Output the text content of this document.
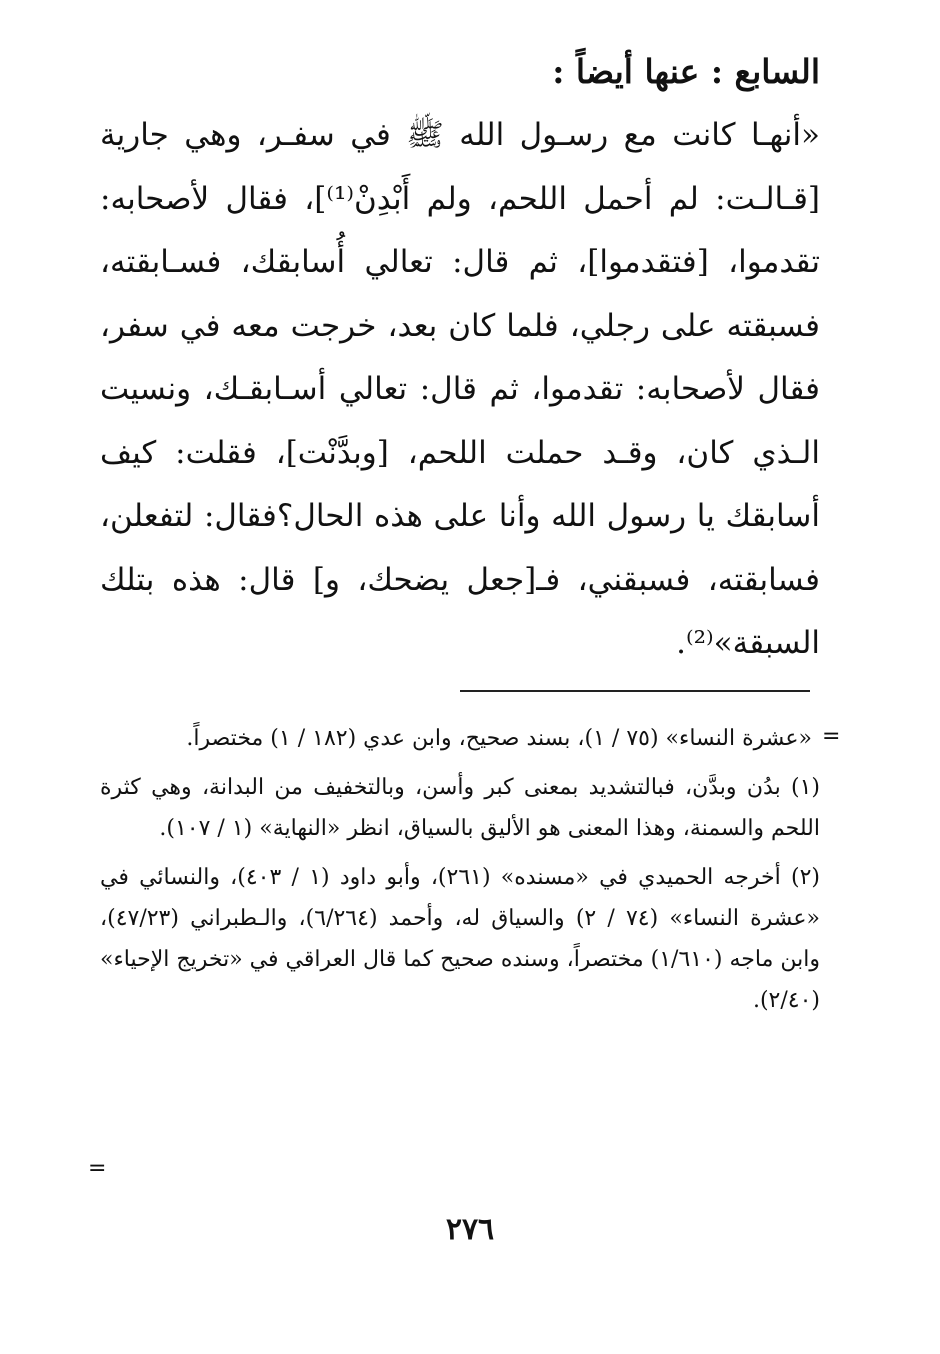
السابع : عنها أيضاً :

«أنهـا كانت مع رسـول الله ﷺ في سفـر، وهي جارية [قـالـت: لم أحمل اللحم، ولم أَبْدِنْ⁽¹⁾]، فقال لأصحابه: تقدموا، [فتقدموا]، ثم قال: تعالي أُسابقك، فسـابقته، فسبقته على رجلي، فلما كان بعد، خرجت معه في سفر، فقال لأصحابه: تقدموا، ثم قال: تعالي أسـابقـك، ونسيت الـذي كان، وقـد حملت اللحم، [وبدَّنْت]، فقلت: كيف أسابقك يا رسول الله وأنا على هذه الحال؟فقال: لتفعلن، فسابقته، فسبقني، فـ[جعل يضحك، و] قال: هذه بتلك السبقة»⁽²⁾.

=

«عشرة النساء» (٧٥ / ١)، بسند صحيح، وابن عدي (١٨٢ / ١) مختصراً.

(١) بدُن وبدَّن، فبالتشديد بمعنى كبر وأسن، وبالتخفيف من البدانة، وهي كثرة اللحم والسمنة، وهذا المعنى هو الأليق بالسياق، انظر «النهاية» (١ / ١٠٧).

(٢) أخرجه الحميدي في «مسنده» (٢٦١)، وأبو داود (١ / ٤٠٣)، والنسائي في «عشرة النساء» (٧٤ / ٢) والسياق له، وأحمد (٦/٢٦٤)، والـطبراني (٤٧/٢٣)، وابن ماجه (١/٦١٠) مختصراً، وسنده صحيح كما قال العراقي في «تخريج الإحياء» (٢/٤٠).

=
٢٧٦
